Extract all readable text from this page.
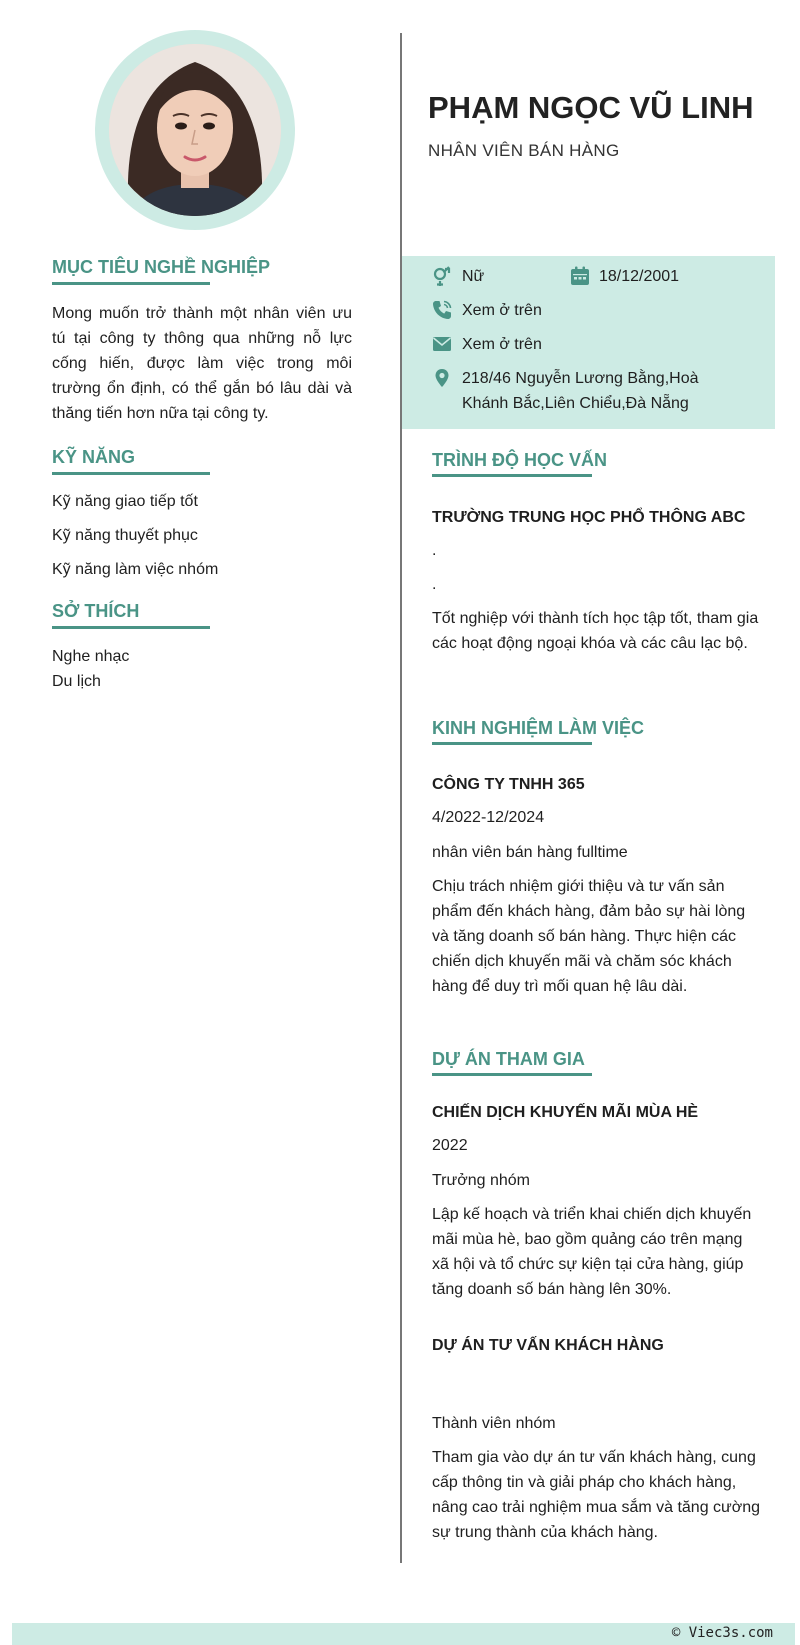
MỤC TIÊU NGHỀ NGHIỆP
Mong muốn trở thành một nhân viên ưu tú tại công ty thông qua những nỗ lực cống hiến, được làm việc trong môi trường ổn định, có thể gắn bó lâu dài và thăng tiến hơn nữa tại công ty.
KỸ NĂNG
Kỹ năng giao tiếp tốt
Kỹ năng thuyết phục
Kỹ năng làm việc nhóm
SỞ THÍCH
Nghe nhạc
Du lịch
PHẠM NGỌC VŨ LINH
NHÂN VIÊN BÁN HÀNG
Nữ	18/12/2001
Xem ở trên
Xem ở trên
218/46 Nguyễn Lương Bằng,Hoà
Khánh Bắc,Liên Chiểu,Đà Nẵng
TRÌNH ĐỘ HỌC VẤN
TRƯỜNG TRUNG HỌC PHỔ THÔNG ABC
.
.
Tốt nghiệp với thành tích học tập tốt, tham gia các hoạt động ngoại khóa và các câu lạc bộ.
KINH NGHIỆM LÀM VIỆC
CÔNG TY TNHH 365
4/2022-12/2024
nhân viên bán hàng fulltime
Chịu trách nhiệm giới thiệu và tư vấn sản phẩm đến khách hàng, đảm bảo sự hài lòng và tăng doanh số bán hàng. Thực hiện các chiến dịch khuyến mãi và chăm sóc khách hàng để duy trì mối quan hệ lâu dài.
DỰ ÁN THAM GIA
CHIẾN DỊCH KHUYẾN MÃI MÙA HÈ
2022
Trưởng nhóm
Lập kế hoạch và triển khai chiến dịch khuyến mãi mùa hè, bao gồm quảng cáo trên mạng xã hội và tổ chức sự kiện tại cửa hàng, giúp tăng doanh số bán hàng lên 30%.
DỰ ÁN TƯ VẤN KHÁCH HÀNG
Thành viên nhóm
Tham gia vào dự án tư vấn khách hàng, cung cấp thông tin và giải pháp cho khách hàng, nâng cao trải nghiệm mua sắm và tăng cường sự trung thành của khách hàng.
© Viec3s.com
